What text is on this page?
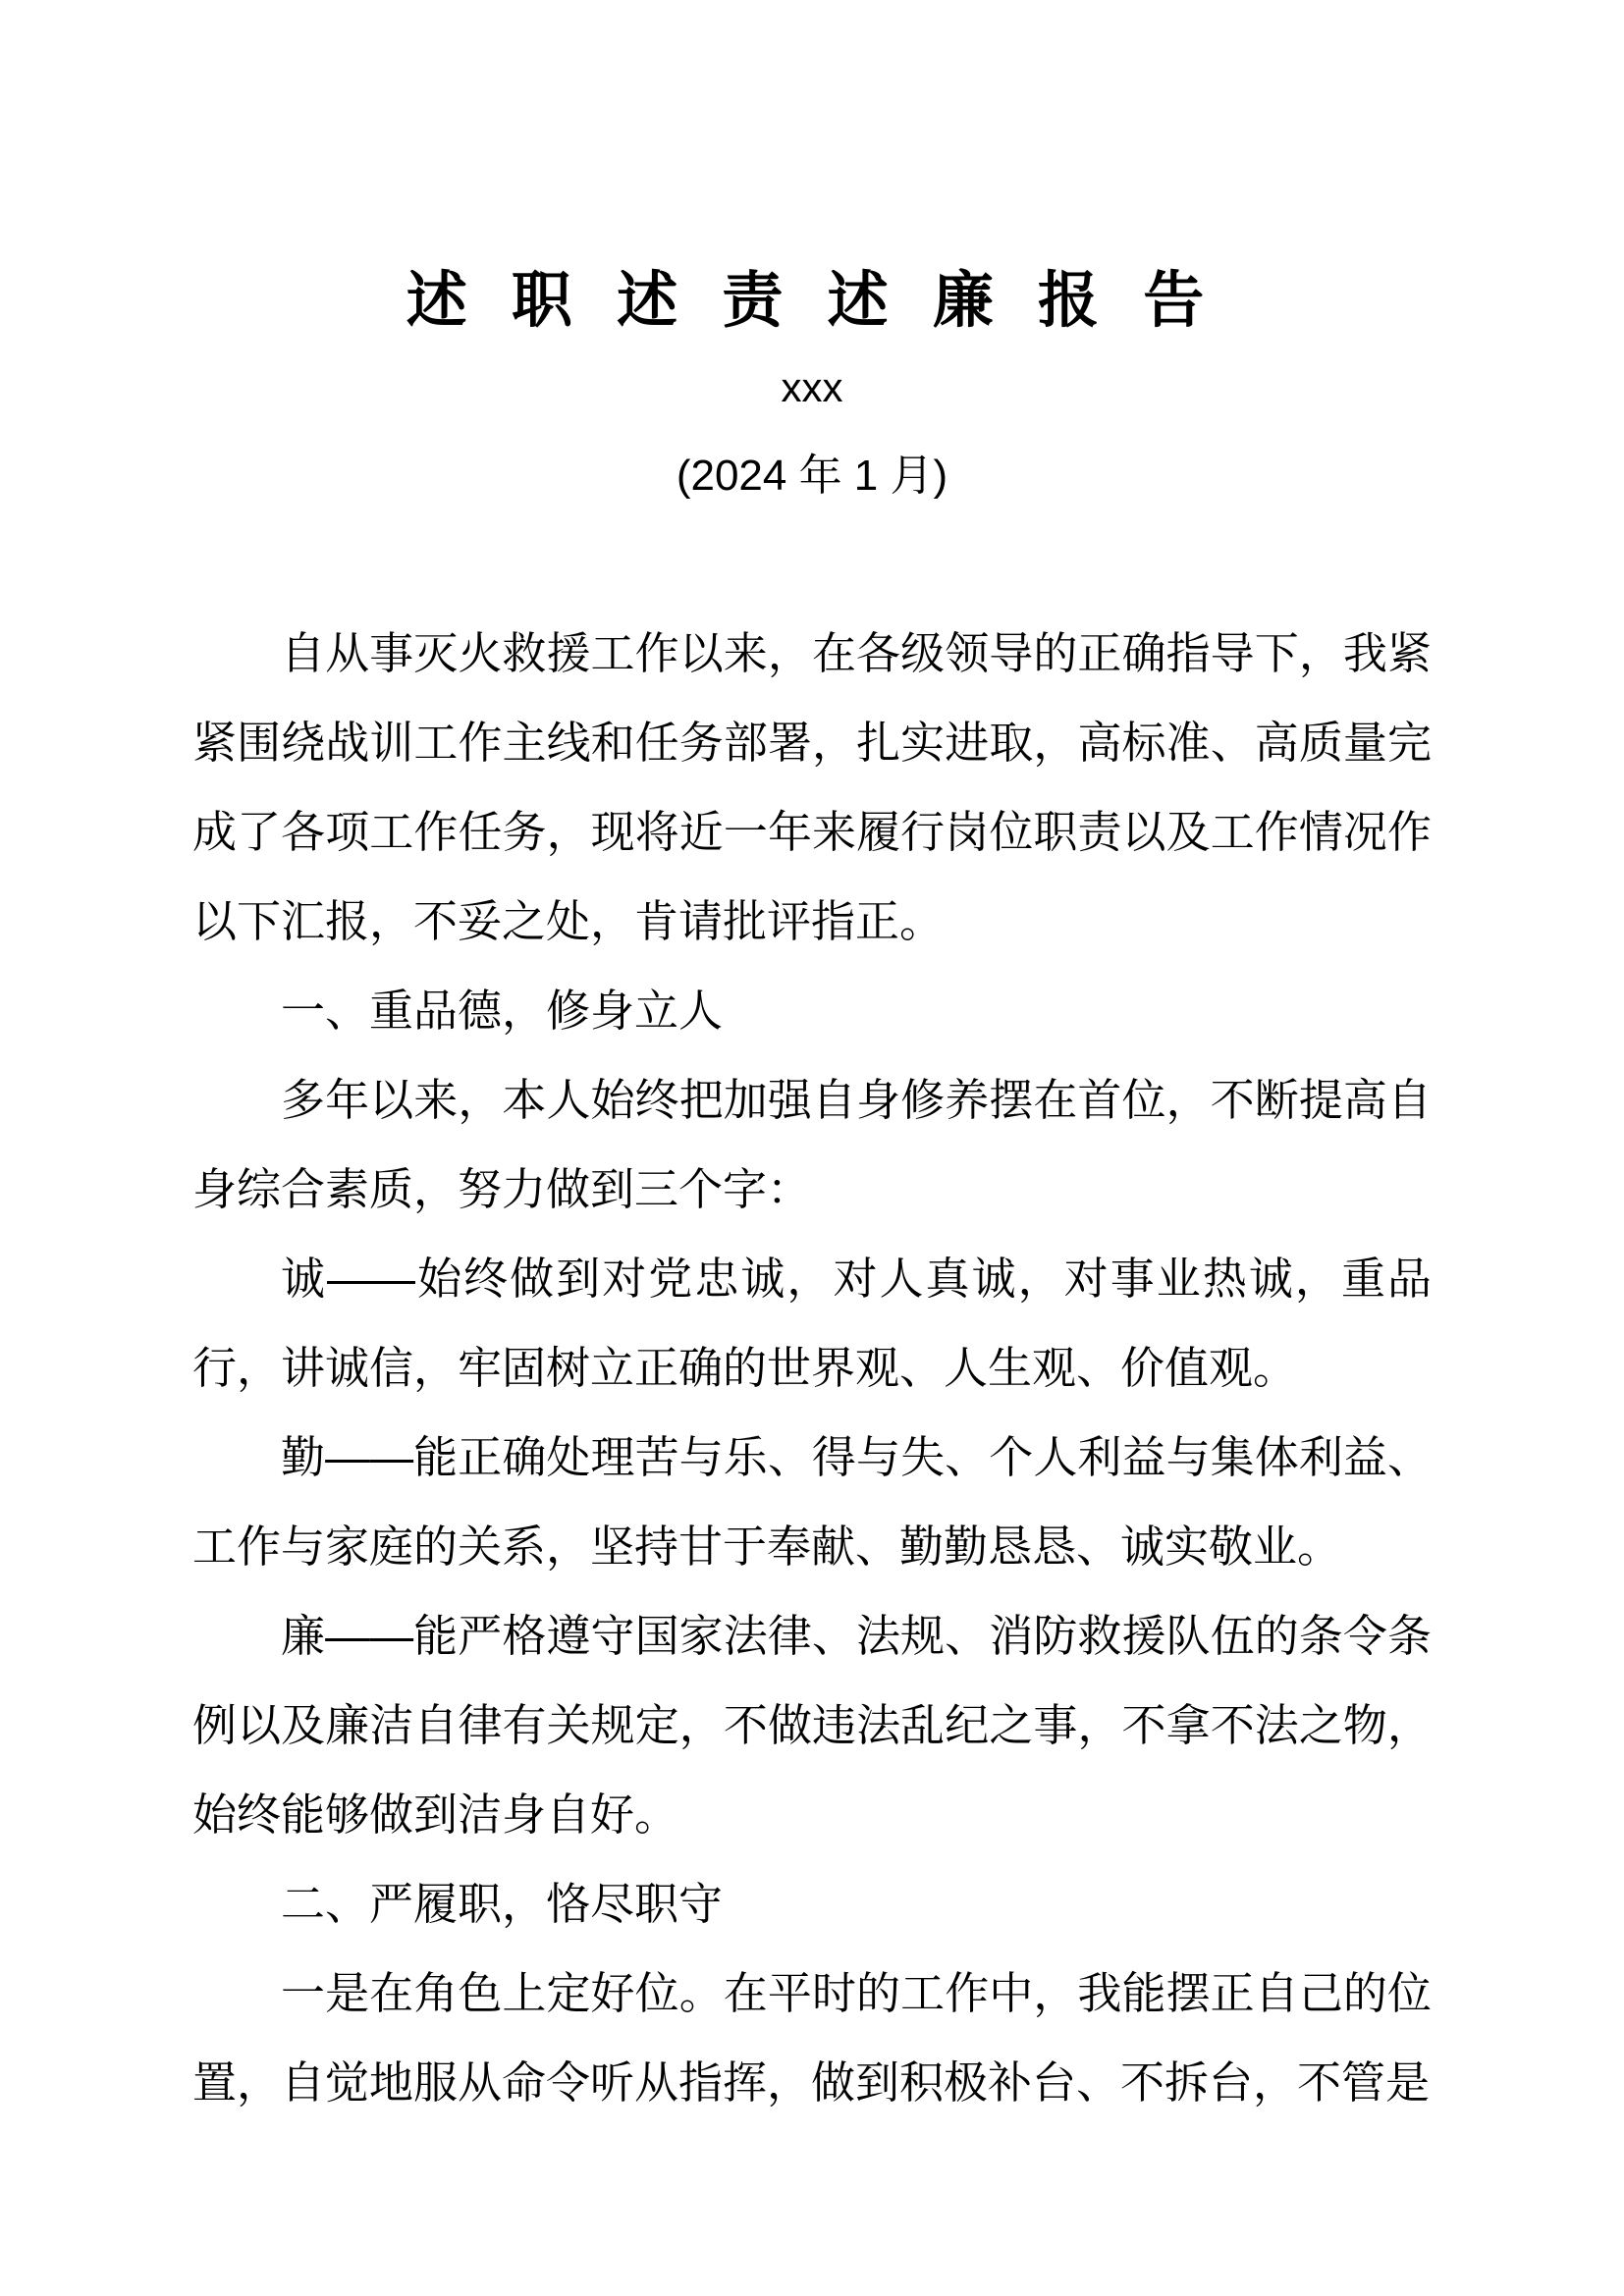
述 职 述 责 述 廉 报 告
xxx
(2024 年 1 月)

自从事灭火救援工作以来，在各级领导的正确指导下，我紧紧围绕战训工作主线和任务部署，扎实进取，高标准、高质量完成了各项工作任务，现将近一年来履行岗位职责以及工作情况作以下汇报，不妥之处，肯请批评指正。

一、重品德，修身立人

多年以来，本人始终把加强自身修养摆在首位，不断提高自身综合素质，努力做到三个字：

诚——始终做到对党忠诚，对人真诚，对事业热诚，重品行，讲诚信，牢固树立正确的世界观、人生观、价值观。

勤——能正确处理苦与乐、得与失、个人利益与集体利益、工作与家庭的关系，坚持甘于奉献、勤勤恳恳、诚实敬业。

廉——能严格遵守国家法律、法规、消防救援队伍的条令条例以及廉洁自律有关规定，不做违法乱纪之事，不拿不法之物，始终能够做到洁身自好。

二、严履职，恪尽职守

一是在角色上定好位。在平时的工作中，我能摆正自己的位置，自觉地服从命令听从指挥，做到积极补台、不拆台，不管是
